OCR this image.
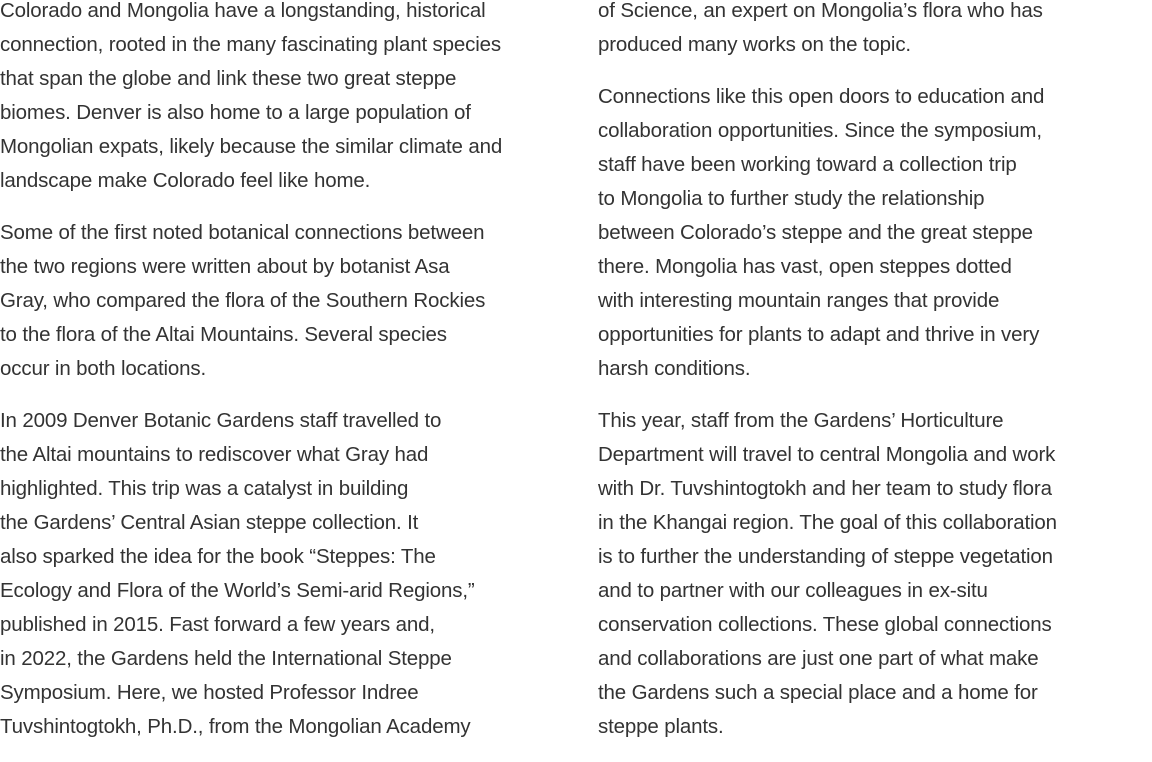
Colorado and Mongolia have a longstanding, historical
connection, rooted in the many fascinating plant species
that span the globe and link these two great steppe
biomes. Denver is also home to a large population of
Mongolian expats, likely because the similar climate and
landscape make Colorado feel like home.
Some of the first noted botanical connections between
the two regions were written about by botanist Asa
Gray, who compared the flora of the Southern Rockies
to the flora of the Altai Mountains. Several species
occur in both locations.
In 2009 Denver Botanic Gardens staff travelled to
the Altai mountains to rediscover what Gray had
highlighted. This trip was a catalyst in building
the Gardens’ Central Asian steppe collection. It
also sparked the idea for the book “Steppes: The
Ecology and Flora of the World’s Semi-arid Regions,”
published in 2015. Fast forward a few years and,
in 2022, the Gardens held the International Steppe
Symposium. Here, we hosted Professor Indree
Tuvshintogtokh, Ph.D., from the Mongolian Academy
of Science, an expert on Mongolia’s flora who has
produced many works on the topic.
Connections like this open doors to education and
collaboration opportunities. Since the symposium,
staff have been working toward a collection trip
to Mongolia to further study the relationship
between Colorado’s steppe and the great steppe
there. Mongolia has vast, open steppes dotted
with interesting mountain ranges that provide
opportunities for plants to adapt and thrive in very
harsh conditions.
This year, staff from the Gardens’ Horticulture
Department will travel to central Mongolia and work
with Dr. Tuvshintogtokh and her team to study flora
in the Khangai region. The goal of this collaboration
is to further the understanding of steppe vegetation
and to partner with our colleagues in ex-situ
conservation collections. These global connections
and collaborations are just one part of what make
the Gardens such a special place and a home for
steppe plants.
